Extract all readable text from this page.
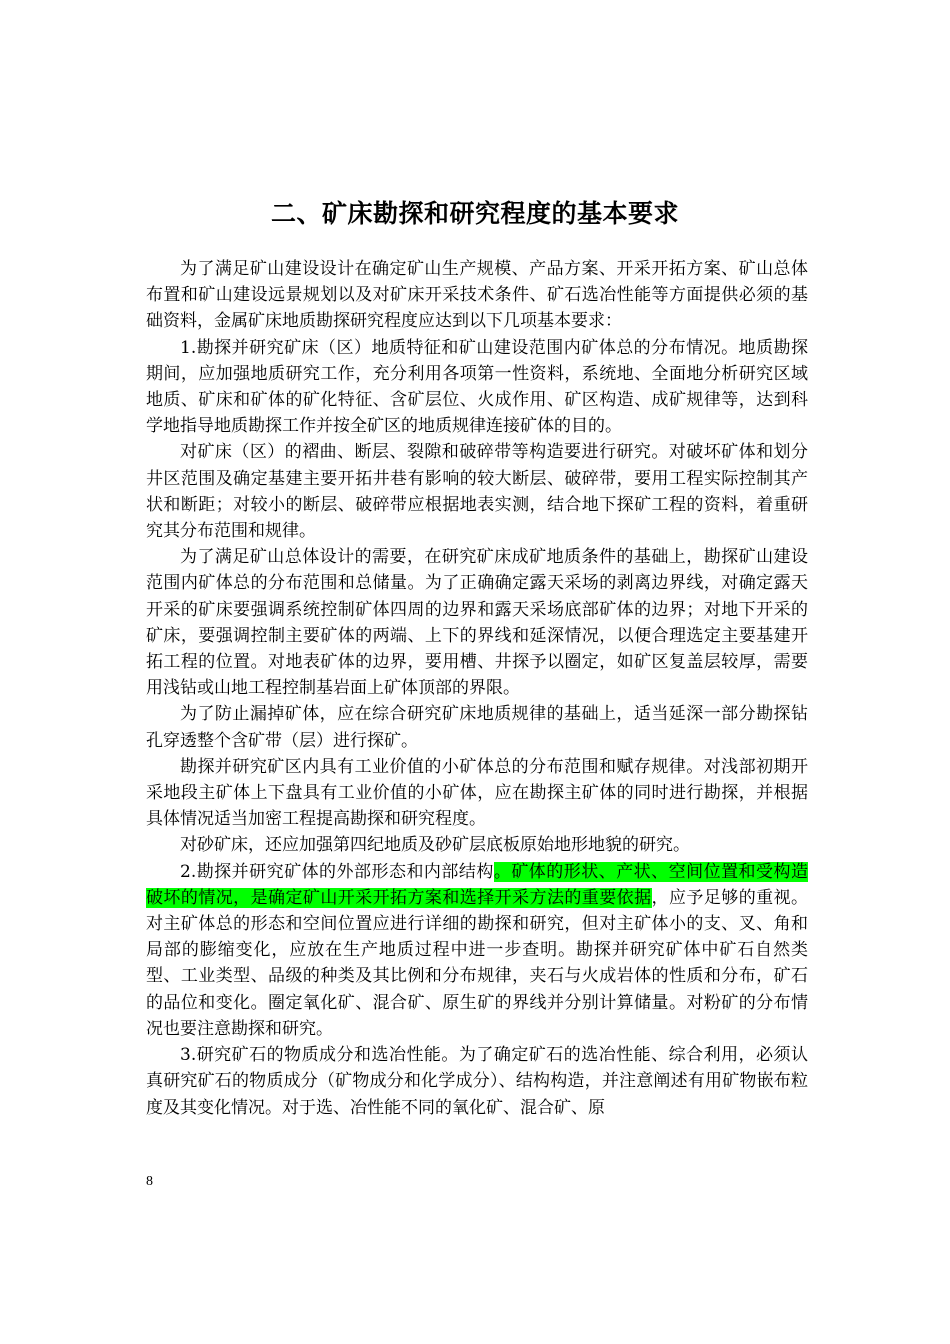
二、矿床勘探和研究程度的基本要求

为了满足矿山建设设计在确定矿山生产规模、产品方案、开采开拓方案、矿山总体布置和矿山建设远景规划以及对矿床开采技术条件、矿石选冶性能等方面提供必须的基础资料，金属矿床地质勘探研究程度应达到以下几项基本要求：

1.勘探并研究矿床（区）地质特征和矿山建设范围内矿体总的分布情况。地质勘探期间，应加强地质研究工作，充分利用各项第一性资料，系统地、全面地分析研究区域地质、矿床和矿体的矿化特征、含矿层位、火成作用、矿区构造、成矿规律等，达到科学地指导地质勘探工作并按全矿区的地质规律连接矿体的目的。

对矿床（区）的褶曲、断层、裂隙和破碎带等构造要进行研究。对破坏矿体和划分井区范围及确定基建主要开拓井巷有影响的较大断层、破碎带，要用工程实际控制其产状和断距；对较小的断层、破碎带应根据地表实测，结合地下探矿工程的资料，着重研究其分布范围和规律。

为了满足矿山总体设计的需要，在研究矿床成矿地质条件的基础上，勘探矿山建设范围内矿体总的分布范围和总储量。为了正确确定露天采场的剥离边界线，对确定露天开采的矿床要强调系统控制矿体四周的边界和露天采场底部矿体的边界；对地下开采的矿床，要强调控制主要矿体的两端、上下的界线和延深情况，以便合理选定主要基建开拓工程的位置。对地表矿体的边界，要用槽、井探予以圈定，如矿区复盖层较厚，需要用浅钻或山地工程控制基岩面上矿体顶部的界限。

为了防止漏掉矿体，应在综合研究矿床地质规律的基础上，适当延深一部分勘探钻孔穿透整个含矿带（层）进行探矿。

勘探并研究矿区内具有工业价值的小矿体总的分布范围和赋存规律。对浅部初期开采地段主矿体上下盘具有工业价值的小矿体，应在勘探主矿体的同时进行勘探，并根据具体情况适当加密工程提高勘探和研究程度。

对砂矿床，还应加强第四纪地质及砂矿层底板原始地形地貌的研究。

2.勘探并研究矿体的外部形态和内部结构。矿体的形状、产状、空间位置和受构造破坏的情况，是确定矿山开采开拓方案和选择开采方法的重要依据，应予足够的重视。对主矿体总的形态和空间位置应进行详细的勘探和研究，但对主矿体小的支、叉、角和局部的膨缩变化，应放在生产地质过程中进一步查明。勘探并研究矿体中矿石自然类型、工业类型、品级的种类及其比例和分布规律，夹石与火成岩体的性质和分布，矿石的品位和变化。圈定氧化矿、混合矿、原生矿的界线并分别计算储量。对粉矿的分布情况也要注意勘探和研究。

3.研究矿石的物质成分和选冶性能。为了确定矿石的选冶性能、综合利用，必须认真研究矿石的物质成分（矿物成分和化学成分）、结构构造，并注意阐述有用矿物嵌布粒度及其变化情况。对于选、冶性能不同的氧化矿、混合矿、原

8
